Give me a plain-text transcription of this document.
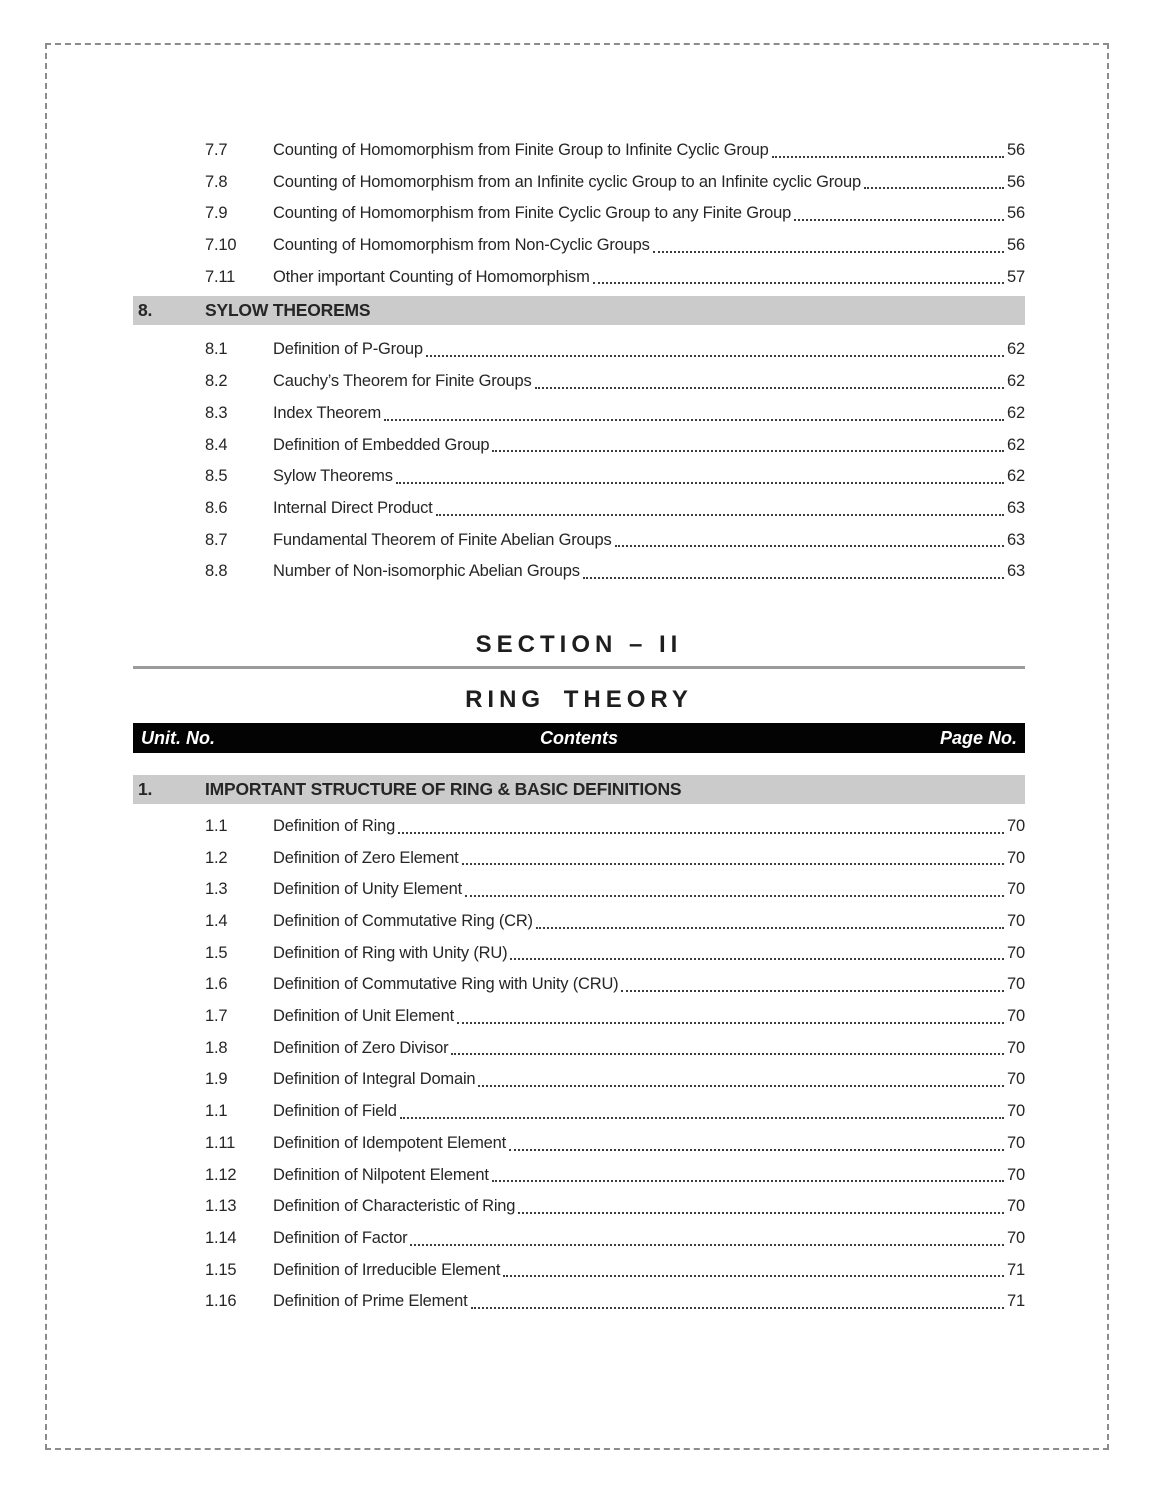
7.7	Counting of Homomorphism from Finite Group to Infinite Cyclic Group	56
7.8	Counting of Homomorphism from an Infinite cyclic Group to an Infinite cyclic Group	56
7.9	Counting of Homomorphism from Finite Cyclic Group to any Finite Group	56
7.10	Counting of Homomorphism from Non-Cyclic Groups	56
7.11	Other important Counting of Homomorphism	57
8.	SYLOW THEOREMS
8.1	Definition of P-Group	62
8.2	Cauchy’s Theorem for Finite Groups	62
8.3	Index Theorem	62
8.4	Definition of Embedded Group	62
8.5	Sylow Theorems	62
8.6	Internal Direct Product	63
8.7	Fundamental Theorem of Finite Abelian Groups	63
8.8	Number of Non-isomorphic Abelian Groups	63
SECTION – II
RING THEORY
Unit. No.	Contents	Page No.
1.	IMPORTANT STRUCTURE OF RING & BASIC DEFINITIONS
1.1	Definition of Ring	70
1.2	Definition of Zero Element	70
1.3	Definition of Unity Element	70
1.4	Definition of Commutative Ring (CR)	70
1.5	Definition of Ring with Unity (RU)	70
1.6	Definition of Commutative Ring with Unity (CRU)	70
1.7	Definition of Unit Element	70
1.8	Definition of Zero Divisor	70
1.9	Definition of Integral Domain	70
1.1	Definition of Field	70
1.11	Definition of Idempotent Element	70
1.12	Definition of Nilpotent Element	70
1.13	Definition of Characteristic of Ring	70
1.14	Definition of Factor	70
1.15	Definition of Irreducible Element	71
1.16	Definition of Prime Element	71
